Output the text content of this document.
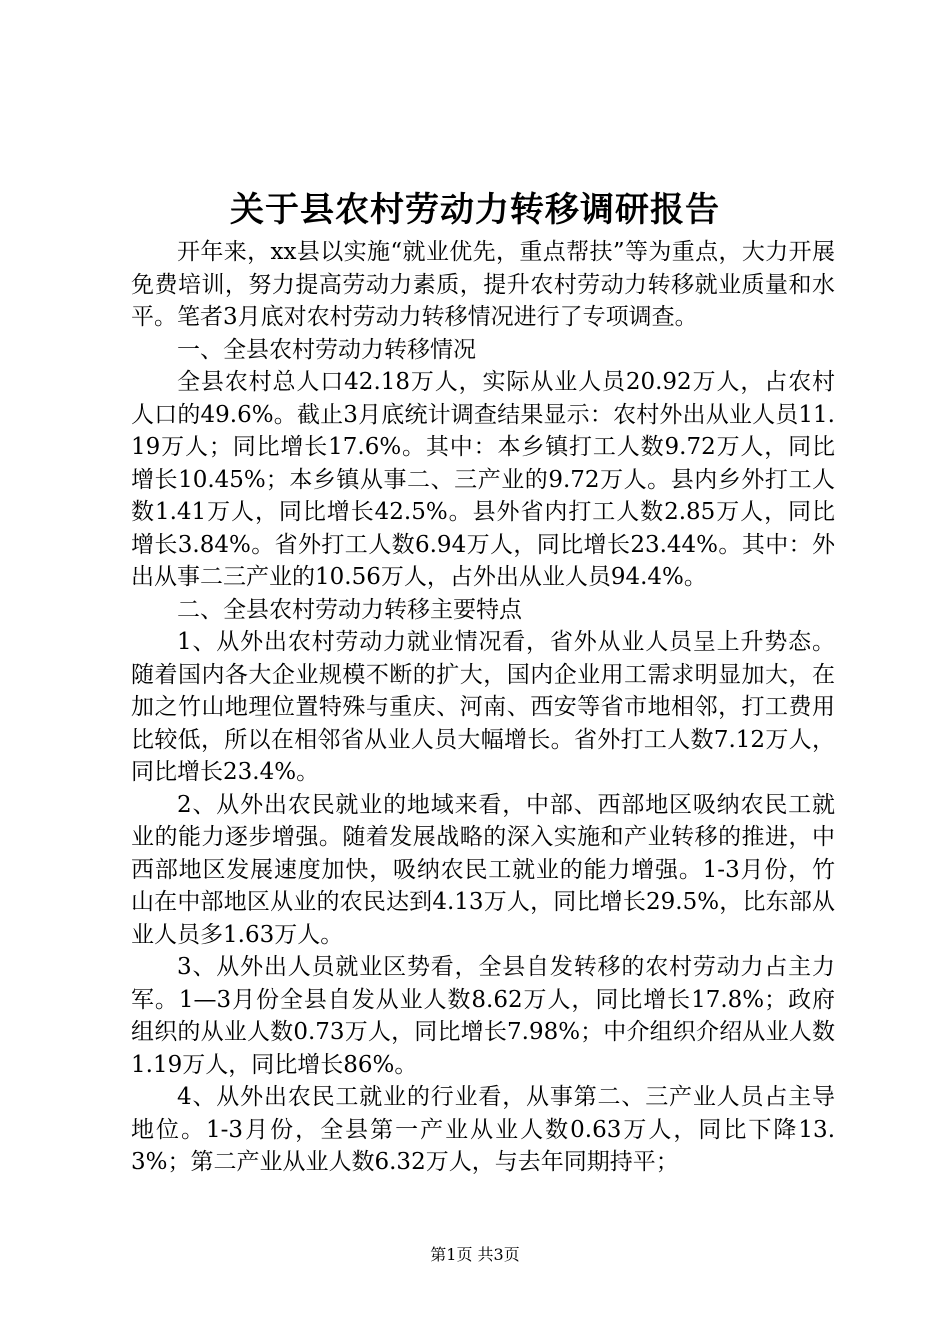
关于县农村劳动力转移调研报告

开年来，xx县以实施“就业优先，重点帮扶”等为重点，大力开展免费培训，努力提高劳动力素质，提升农村劳动力转移就业质量和水平。笔者3月底对农村劳动力转移情况进行了专项调查。

一、全县农村劳动力转移情况

全县农村总人口42.18万人，实际从业人员20.92万人，占农村人口的49.6%。截止3月底统计调查结果显示：农村外出从业人员11.19万人；同比增长17.6%。其中：本乡镇打工人数9.72万人，同比增长10.45%；本乡镇从事二、三产业的9.72万人。县内乡外打工人数1.41万人，同比增长42.5%。县外省内打工人数2.85万人，同比增长3.84%。省外打工人数6.94万人，同比增长23.44%。其中：外出从事二三产业的10.56万人，占外出从业人员94.4%。

二、全县农村劳动力转移主要特点

1、从外出农村劳动力就业情况看，省外从业人员呈上升势态。随着国内各大企业规模不断的扩大，国内企业用工需求明显加大，在加之竹山地理位置特殊与重庆、河南、西安等省市地相邻，打工费用比较低，所以在相邻省从业人员大幅增长。省外打工人数7.12万人，同比增长23.4%。

2、从外出农民就业的地域来看，中部、西部地区吸纳农民工就业的能力逐步增强。随着发展战略的深入实施和产业转移的推进，中西部地区发展速度加快，吸纳农民工就业的能力增强。1-3月份，竹山在中部地区从业的农民达到4.13万人，同比增长29.5%，比东部从业人员多1.63万人。

3、从外出人员就业区势看，全县自发转移的农村劳动力占主力军。1—3月份全县自发从业人数8.62万人，同比增长17.8%；政府组织的从业人数0.73万人，同比增长7.98%；中介组织介绍从业人数1.19万人，同比增长86%。

4、从外出农民工就业的行业看，从事第二、三产业人员占主导地位。1-3月份，全县第一产业从业人数0.63万人，同比下降13.3%；第二产业从业人数6.32万人，与去年同期持平；

第1页 共3页
